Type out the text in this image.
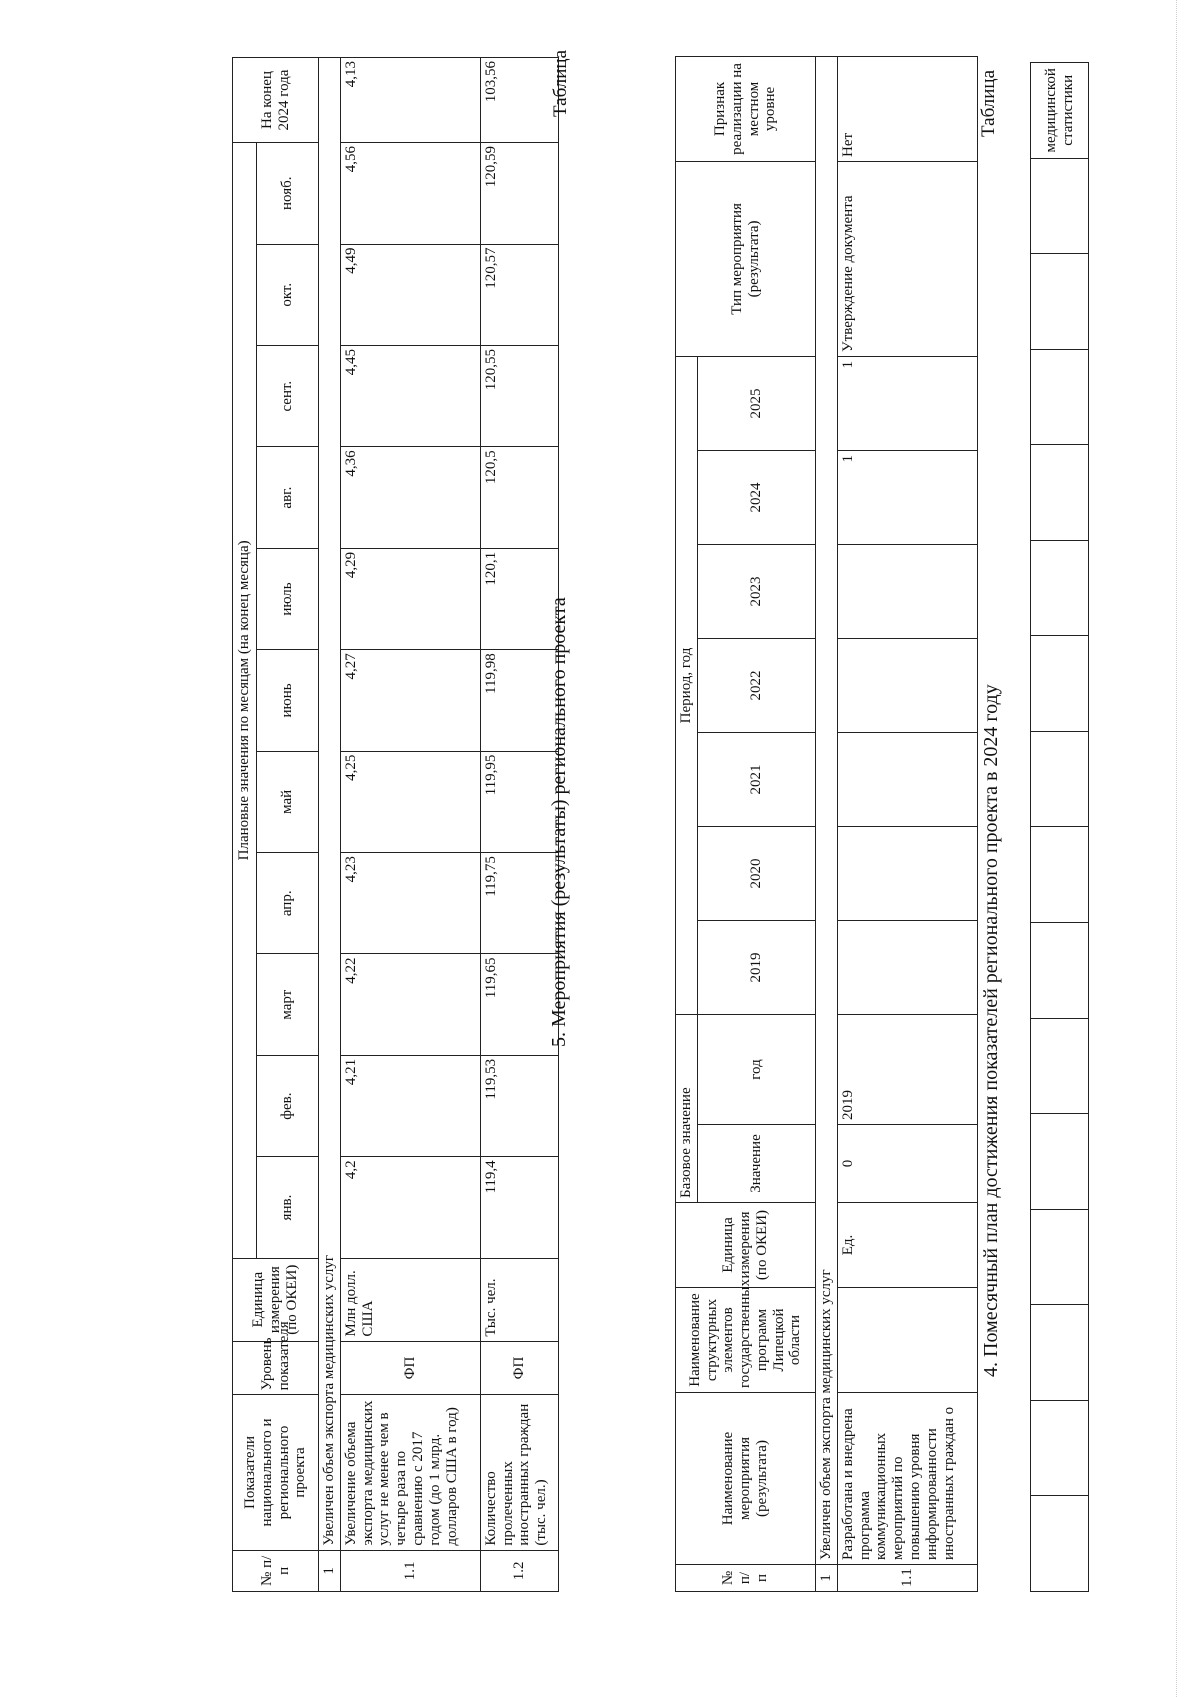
															медицинской статистики
4. Помесячный план достижения показателей регионального проекта в 2024 году
Таблица
№ п/п	Показатели национального и регионального проекта	Уровень показателя	Единица измерения (по ОКЕИ)	Плановые значения по месяцам (на конец месяца)											На конец 2024 года
				янв.	фев.	март	апр.	май	июнь	июль	авг.	сент.	окт.	нояб.	
1	Увеличен объем экспорта медицинских услуг														
1.1	Увеличение объема экспорта медицинских услуг не менее чем в четыре раза по сравнению с 2017 годом (до 1 млрд. долларов США в год)	ФП	Млн долл. США	4,2	4,21	4,22	4,23	4,25	4,27	4,29	4,36	4,45	4,49	4,56	4,13
1.2	Количество пролеченных иностранных граждан (тыс. чел.)	ФП	Тыс. чел.	119,4	119,53	119,65	119,75	119,95	119,98	120,1	120,5	120,55	120,57	120,59	103,56
5. Мероприятия (результаты) регионального проекта
Таблица
№ п/п	Наименование мероприятия (результата)	Наименование структурных элементов государственных программ Липецкой области	Единица измерения (по ОКЕИ)	Базовое значение		Период, год							Тип мероприятия (результата)	Признак реализации на местном уровне
				Значение	год	2019	2020	2021	2022	2023	2024	2025		
1	Увеличен объем экспорта медицинских услуг													
1.1	Разработана и внедрена программа коммуникационных мероприятий по повышению уровня информированности иностранных граждан о		Ед.	0	2019						1	1	Утверждение документа	Нет
